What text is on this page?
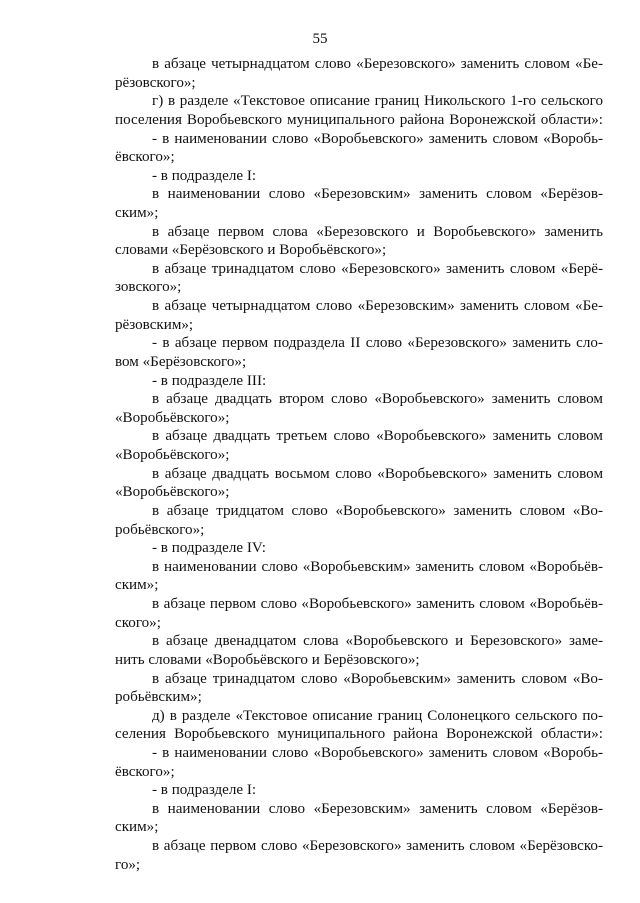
55
в абзаце четырнадцатом слово «Березовского» заменить словом «Бе-
рёзовского»;
г) в разделе «Текстовое описание границ Никольского 1-го сельского
поселения Воробьевского муниципального района Воронежской области»:
- в наименовании слово «Воробьевского» заменить словом «Воробь-
ёвского»;
- в подразделе I:
в наименовании слово «Березовским» заменить словом «Берёзов-
ским»;
в абзаце первом слова «Березовского и Воробьевского» заменить
словами «Берёзовского и Воробьёвского»;
в абзаце тринадцатом слово «Березовского» заменить словом «Берё-
зовского»;
в абзаце четырнадцатом слово «Березовским» заменить словом «Бе-
рёзовским»;
- в абзаце первом подраздела II слово «Березовского» заменить сло-
вом «Берёзовского»;
- в подразделе III:
в абзаце двадцать втором слово «Воробьевского» заменить словом
«Воробьёвского»;
в абзаце двадцать третьем слово «Воробьевского» заменить словом
«Воробьёвского»;
в абзаце двадцать восьмом слово «Воробьевского» заменить словом
«Воробьёвского»;
в абзаце тридцатом слово «Воробьевского» заменить словом «Во-
робьёвского»;
- в подразделе IV:
в наименовании слово «Воробьевским» заменить словом «Воробьёв-
ским»;
в абзаце первом слово «Воробьевского» заменить словом «Воробьёв-
ского»;
в абзаце двенадцатом слова «Воробьевского и Березовского» заме-
нить словами «Воробьёвского и Берёзовского»;
в абзаце тринадцатом слово «Воробьевским» заменить словом «Во-
робьёвским»;
д) в разделе «Текстовое описание границ Солонецкого сельского по-
селения Воробьевского муниципального района Воронежской области»:
- в наименовании слово «Воробьевского» заменить словом «Воробь-
ёвского»;
- в подразделе I:
в наименовании слово «Березовским» заменить словом «Берёзов-
ским»;
в абзаце первом слово «Березовского» заменить словом «Берёзовско-
го»;
